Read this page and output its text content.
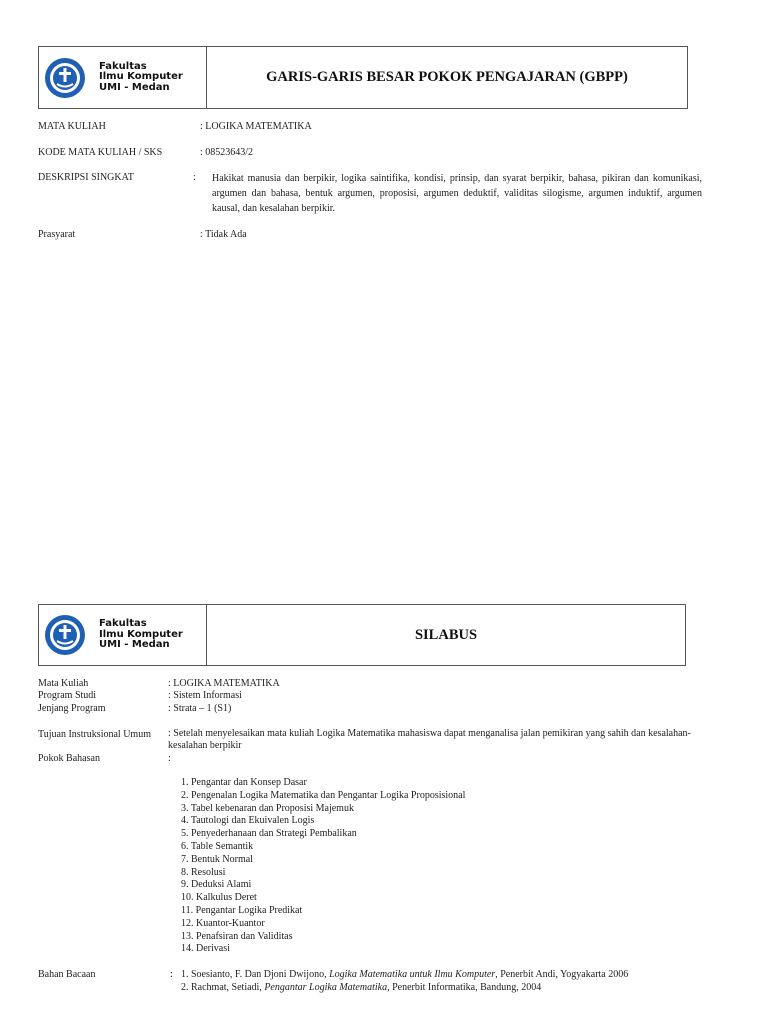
Fakultas
Ilmu Komputer
UMI - Medan
GARIS-GARIS BESAR POKOK PENGAJARAN (GBPP)
MATA KULIAH	: LOGIKA MATEMATIKA
KODE MATA KULIAH / SKS	: 08523643/2
DESKRIPSI SINGKAT	: Hakikat manusia dan berpikir, logika saintifika, kondisi, prinsip, dan syarat berpikir, bahasa, pikiran dan komunikasi, argumen dan bahasa, bentuk argumen, proposisi, argumen deduktif, validitas silogisme, argumen induktif, argumen kausal, dan kesalahan berpikir.
Prasyarat	: Tidak Ada
Fakultas
Ilmu Komputer
UMI - Medan
SILABUS
Mata Kuliah	: LOGIKA MATEMATIKA
Program Studi	: Sistem Informasi
Jenjang Program	: Strata – 1 (S1)
Tujuan Instruksional Umum : Setelah menyelesaikan mata kuliah Logika Matematika mahasiswa dapat menganalisa jalan pemikiran yang sahih dan kesalahan-kesalahan berpikir
Pokok Bahasan	:
1. Pengantar dan Konsep Dasar
2. Pengenalan Logika Matematika dan Pengantar Logika Proposisional
3. Tabel kebenaran dan Proposisi Majemuk
4. Tautologi dan Ekuivalen Logis
5. Penyederhanaan dan Strategi Pembalikan
6. Table Semantik
7. Bentuk Normal
8. Resolusi
9. Deduksi Alami
10. Kalkulus Deret
11. Pengantar Logika Predikat
12. Kuantor-Kuantor
13. Penafsiran dan Validitas
14. Derivasi
Bahan Bacaan	: 1. Soesianto, F. Dan Djoni Dwijono, Logika Matematika untuk Ilmu Komputer, Penerbit Andi, Yogyakarta 2006
2. Rachmat, Setiadi, Pengantar Logika Matematika, Penerbit Informatika, Bandung, 2004
